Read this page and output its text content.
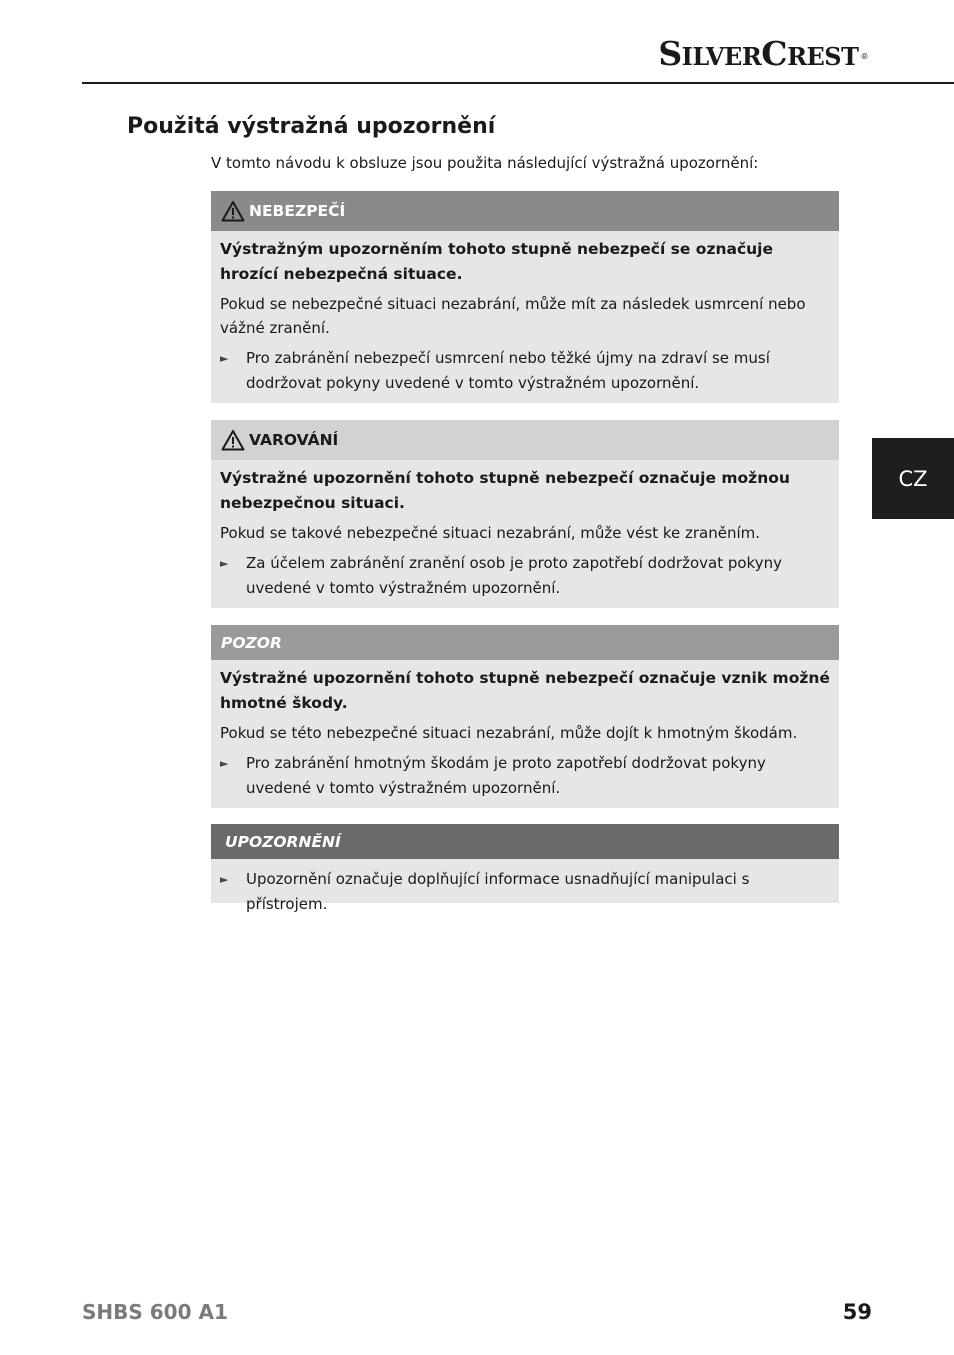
SILVERCREST ®
Použitá výstražná upozornění

V tomto návodu k obsluze jsou použita následující výstražná upozornění:

NEBEZPEČÍ

Výstražným upozorněním tohoto stupně nebezpečí se označuje hrozící nebezpečná situace.

Pokud se nebezpečné situaci nezabrání, může mít za následek usmrcení nebo vážné zranění.

►	Pro zabránění nebezpečí usmrcení nebo těžké újmy na zdraví se musí dodržovat pokyny uvedené v tomto výstražném upozornění.
VAROVÁNÍ

Výstražné upozornění tohoto stupně nebezpečí označuje možnou nebezpečnou situaci.

Pokud se takové nebezpečné situaci nezabrání, může vést ke zraněním.

►	Za účelem zabránění zranění osob je proto zapotřebí dodržovat pokyny uvedené v tomto výstražném upozornění.
POZOR

Výstražné upozornění tohoto stupně nebezpečí označuje vznik možné hmotné škody.

Pokud se této nebezpečné situaci nezabrání, může dojít k hmotným škodám.

►	Pro zabránění hmotným škodám je proto zapotřebí dodržovat pokyny uvedené v tomto výstražném upozornění.
UPOZORNĚNÍ
►	Upozornění označuje doplňující informace usnadňující manipulaci s přístrojem.
CZ
SHBS 600 A1	59
